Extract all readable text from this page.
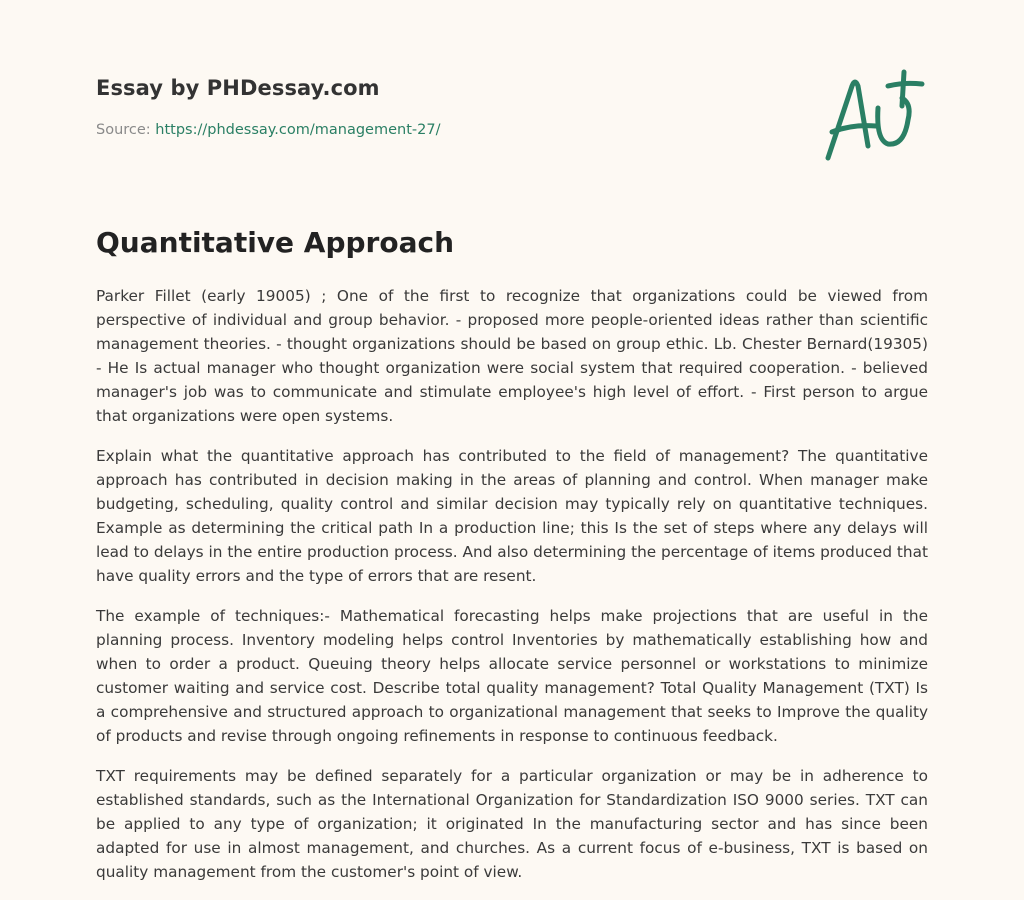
Essay by PHDessay.com
Source: https://phdessay.com/management-27/
Quantitative Approach

Parker Fillet (early 19005) ; One of the first to recognize that organizations could be viewed from perspective of individual and group behavior. - proposed more people-oriented ideas rather than scientific management theories. - thought organizations should be based on group ethic. Lb. Chester Bernard(19305) - He Is actual manager who thought organization were social system that required cooperation. - believed manager's job was to communicate and stimulate employee's high level of effort. - First person to argue that organizations were open systems.

Explain what the quantitative approach has contributed to the field of management? The quantitative approach has contributed in decision making in the areas of planning and control. When manager make budgeting, scheduling, quality control and similar decision may typically rely on quantitative techniques. Example as determining the critical path In a production line; this Is the set of steps where any delays will lead to delays in the entire production process. And also determining the percentage of items produced that have quality errors and the type of errors that are resent.

The example of techniques:- Mathematical forecasting helps make projections that are useful in the planning process. Inventory modeling helps control Inventories by mathematically establishing how and when to order a product. Queuing theory helps allocate service personnel or workstations to minimize customer waiting and service cost. Describe total quality management? Total Quality Management (TXT) Is a comprehensive and structured approach to organizational management that seeks to Improve the quality of products and revise through ongoing refinements in response to continuous feedback.

TXT requirements may be defined separately for a particular organization or may be in adherence to established standards, such as the International Organization for Standardization ISO 9000 series. TXT can be applied to any type of organization; it originated In the manufacturing sector and has since been adapted for use in almost management, and churches. As a current focus of e-business, TXT is based on quality management from the customer's point of view.
